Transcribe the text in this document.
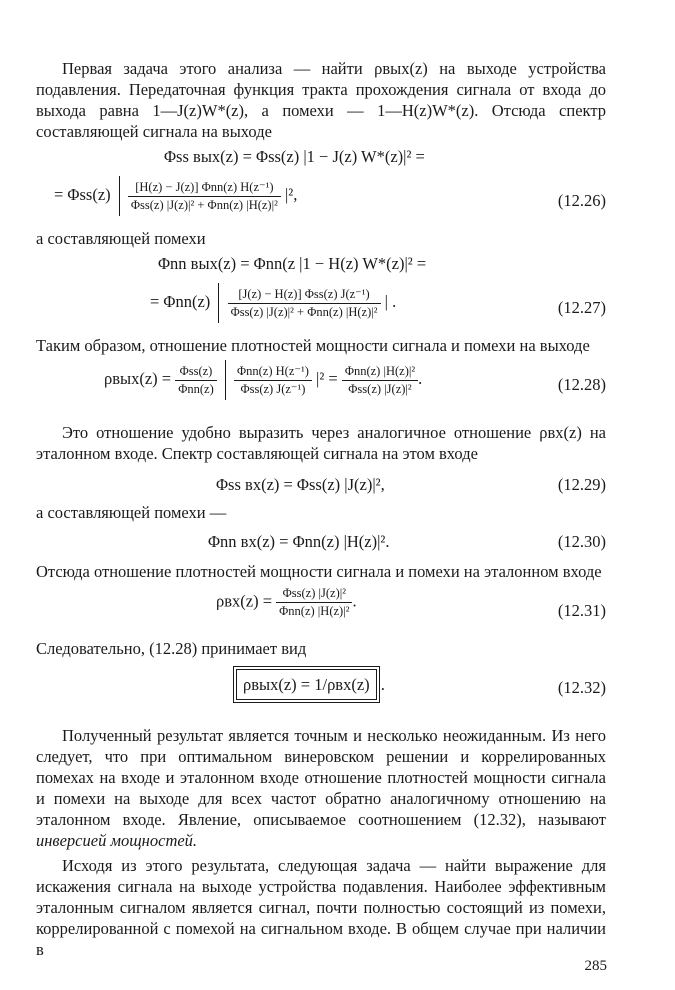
Первая задача этого анализа — найти ρвых(z) на выходе устройства подавления. Передаточная функция тракта прохождения сигнала от входа до выхода равна 1—J(z)W*(z), а помехи — 1—H(z)W*(z). Отсюда спектр составляющей сигнала на выходе

Φss вых(z) = Φss(z) |1 − J(z) W*(z)|² =
= $\Phi ss(z) \frac{\text{[H(z) − J(z)] Φnn(z) H(z⁻¹)}}{\text{Φss(z) |J(z)|² + Φnn(z) |H(z)|²}} |^2$,	(12.26)

а составляющей помехи

Φnn вых(z) = Φnn(z |1 − H(z) W*(z)|² =
= $\Phi nn(z) \frac{\text{[J(z) − H(z)] Φss(z) J(z⁻¹)}}{\text{Φss(z) |J(z)|² + Φnn(z) |H(z)|²}}$ | .	(12.27)

Таким образом, отношение плотностей мощности сигнала и помехи на выходе

$\rho вых(z) = \frac{\text{Φss(z)}}{\text{Φnn(z)}}$
$\frac{\text{Φnn(z) H(z⁻¹)}}{\text{Φss(z) J(z⁻¹)}} |^2 = \frac{\text{Φnn(z) |H(z)|²}}{\text{Φss(z) |J(z)|²}}$ .	(12.28)

Это отношение удобно выразить через аналогичное отношение ρвх(z) на эталонном входе. Спектр составляющей сигнала на этом входе

Φss вх(z) = Φss(z) |J(z)|²,	(12.29)

а составляющей помехи —

Φnn вх(z) = Φnn(z) |H(z)|².	(12.30)

Отсюда отношение плотностей мощности сигнала и помехи на эталонном входе

$\rho вх(z) = \frac{\text{Φss(z) |J(z)|²}}{\text{Φnn(z) |H(z)|²}}$ .
(12.31)

Следовательно, (12.28) принимает вид

ρвых(z) = 1/ρвх(z) .	(12.32)

Полученный результат является точным и несколько неожиданным. Из него следует, что при оптимальном винеровском решении и коррелированных помехах на входе и эталонном входе отношение плотностей мощности сигнала и помехи на выходе для всех частот обратно аналогичному отношению на эталонном входе. Явление, описываемое соотношением (12.32), называют инверсией мощностей.

Исходя из этого результата, следующая задача — найти выражение для искажения сигнала на выходе устройства подавления. Наиболее эффективным эталонным сигналом является сигнал, почти полностью состоящий из помехи, коррелированной с помехой на сигнальном входе. В общем случае при наличии в

285
